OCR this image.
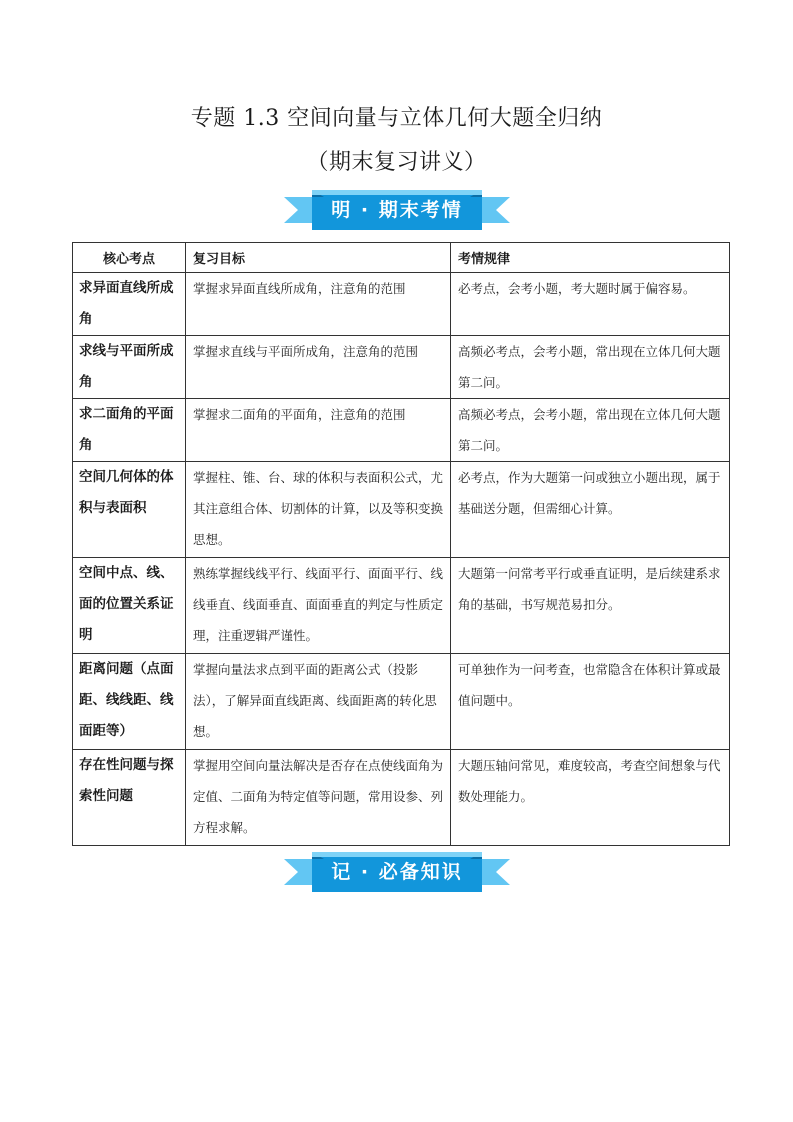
专题 1.3 空间向量与立体几何大题全归纳
（期末复习讲义）
明 · 期末考情
核心考点	复习目标	考情规律
求异面直线所成角	掌握求异面直线所成角，注意角的范围	必考点，会考小题，考大题时属于偏容易。
求线与平面所成角	掌握求直线与平面所成角，注意角的范围	高频必考点，会考小题，常出现在立体几何大题第二问。
求二面角的平面角	掌握求二面角的平面角，注意角的范围	高频必考点，会考小题，常出现在立体几何大题第二问。
空间几何体的体积与表面积	掌握柱、锥、台、球的体积与表面积公式，尤其注意组合体、切割体的计算，以及等积变换思想。	必考点，作为大题第一问或独立小题出现，属于基础送分题，但需细心计算。
空间中点、线、面的位置关系证明	熟练掌握线线平行、线面平行、面面平行、线线垂直、线面垂直、面面垂直的判定与性质定理，注重逻辑严谨性。	大题第一问常考平行或垂直证明，是后续建系求角的基础，书写规范易扣分。
距离问题（点面距、线线距、线面距等）	掌握向量法求点到平面的距离公式（投影法），了解异面直线距离、线面距离的转化思想。	可单独作为一问考查，也常隐含在体积计算或最值问题中。
存在性问题与探索性问题	掌握用空间向量法解决是否存在点使线面角为定值、二面角为特定值等问题，常用设参、列方程求解。	大题压轴问常见，难度较高，考查空间想象与代数处理能力。
记 · 必备知识
